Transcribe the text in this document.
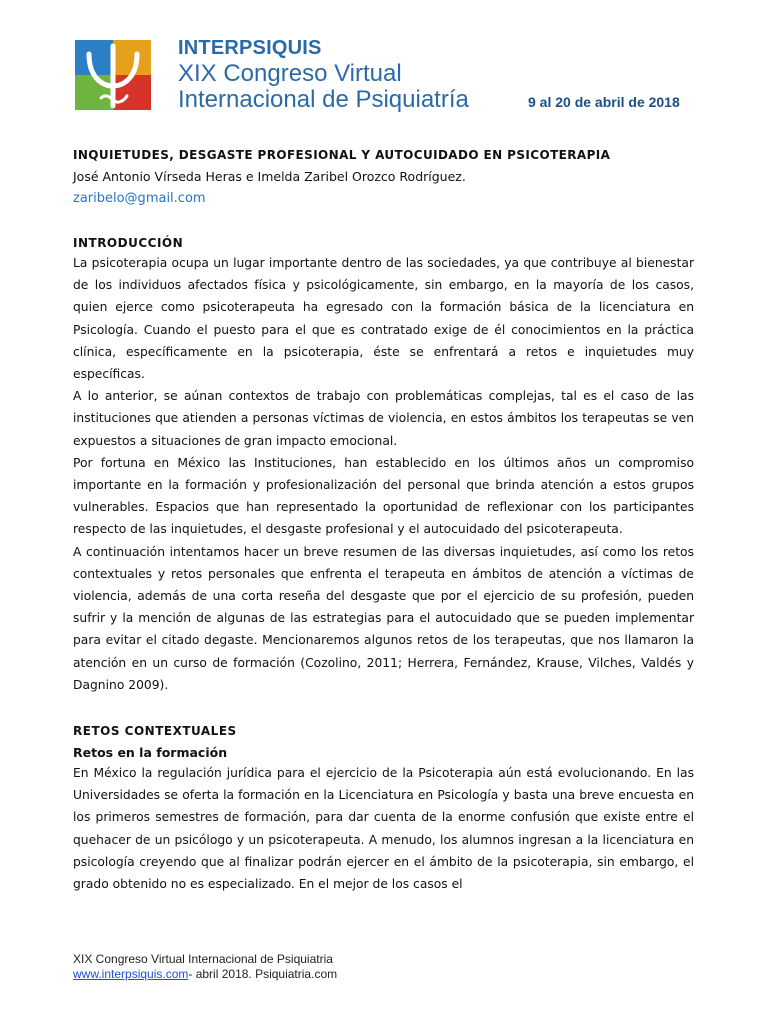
INTERPSIQUIS
XIX Congreso Virtual
Internacional de Psiquiatría	9 al 20 de abril de 2018

INQUIETUDES, DESGASTE PROFESIONAL Y AUTOCUIDADO EN PSICOTERAPIA

José Antonio Vírseda Heras e Imelda Zaribel Orozco Rodríguez.

zaribelo@gmail.com

INTRODUCCIÓN

La psicoterapia ocupa un lugar importante dentro de las sociedades, ya que contribuye al bienestar de los individuos afectados física y psicológicamente, sin embargo, en la mayoría de los casos, quien ejerce como psicoterapeuta ha egresado con la formación básica de la licenciatura en Psicología. Cuando el puesto para el que es contratado exige de él conocimientos en la práctica clínica, específicamente en la psicoterapia, éste se enfrentará a retos e inquietudes muy específicas.

A lo anterior, se aúnan contextos de trabajo con problemáticas complejas, tal es el caso de las instituciones que atienden a personas víctimas de violencia, en estos ámbitos los terapeutas se ven expuestos a situaciones de gran impacto emocional.

Por fortuna en México las Instituciones, han establecido en los últimos años un compromiso importante en la formación y profesionalización del personal que brinda atención a estos grupos vulnerables. Espacios que han representado la oportunidad de reflexionar con los participantes respecto de las inquietudes, el desgaste profesional y el autocuidado del psicoterapeuta.

A continuación intentamos hacer un breve resumen de las diversas inquietudes, así como los retos contextuales y retos personales que enfrenta el terapeuta en ámbitos de atención a víctimas de violencia, además de una corta reseña del desgaste que por el ejercicio de su profesión, pueden sufrir y la mención de algunas de las estrategias para el autocuidado que se pueden implementar para evitar el citado degaste. Mencionaremos algunos retos de los terapeutas, que nos llamaron la atención en un curso de formación (Cozolino, 2011; Herrera, Fernández, Krause, Vilches, Valdés y Dagnino 2009).

RETOS CONTEXTUALES

Retos en la formación

En México la regulación jurídica para el ejercicio de la Psicoterapia aún está evolucionando. En las Universidades se oferta la formación en la Licenciatura en Psicología y basta una breve encuesta en los primeros semestres de formación, para dar cuenta de la enorme confusión que existe entre el quehacer de un psicólogo y un psicoterapeuta. A menudo, los alumnos ingresan a la licenciatura en psicología creyendo que al finalizar podrán ejercer en el ámbito de la psicoterapia, sin embargo, el grado obtenido no es especializado. En el mejor de los casos el

XIX Congreso Virtual Internacional de Psiquiatria
www.interpsiquis.com- abril 2018. Psiquiatria.com
